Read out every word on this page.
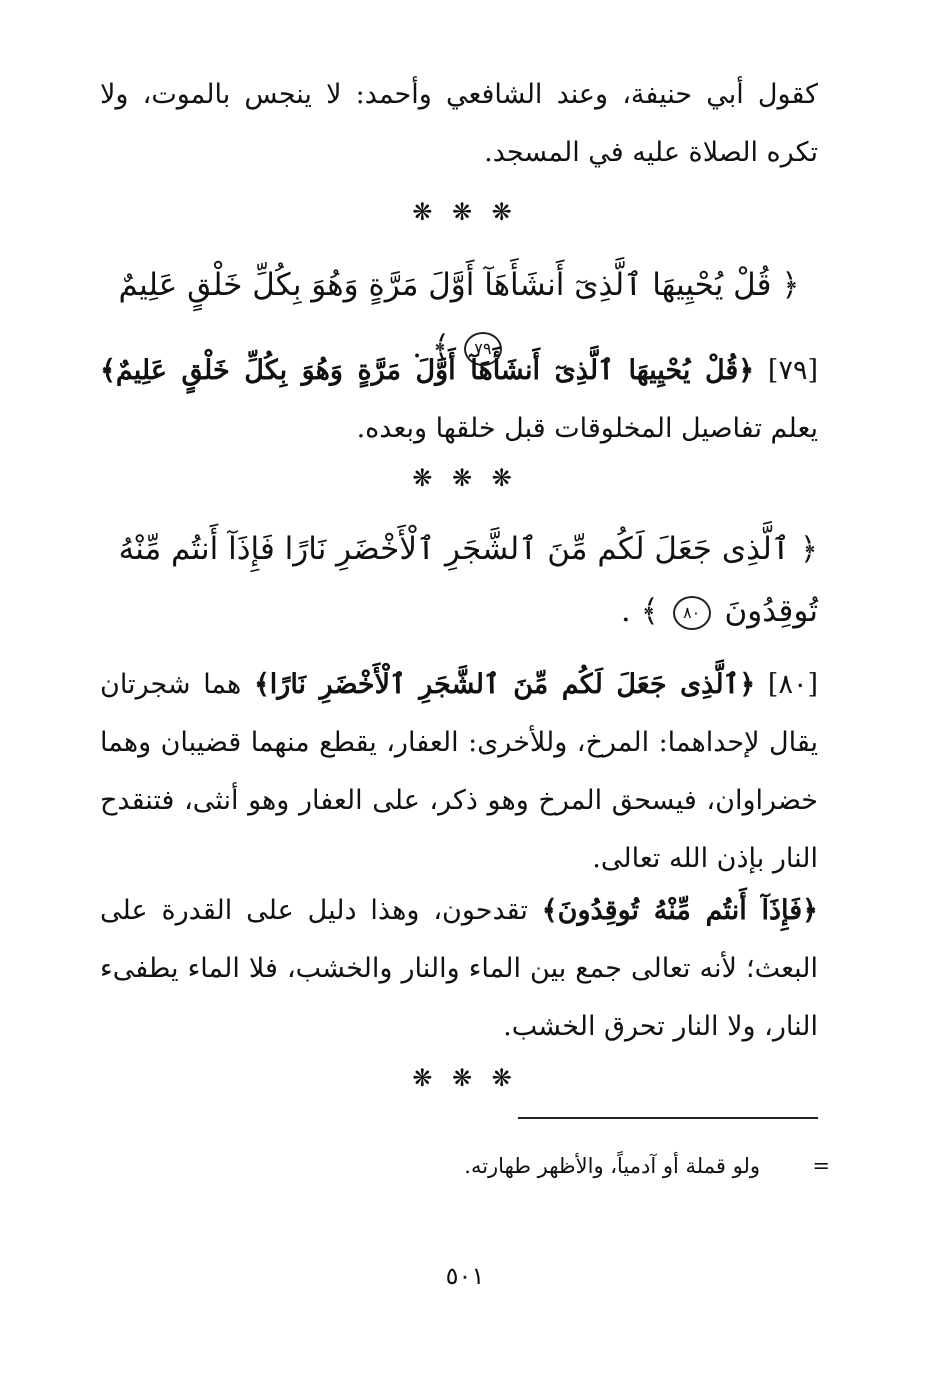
كقول أبي حنيفة، وعند الشافعي وأحمد: لا ينجس بالموت، ولا تكره الصلاة عليه في المسجد.
❋ ❋ ❋
﴿ قُلْ يُحْيِيهَا ٱلَّذِىٓ أَنشَأَهَآ أَوَّلَ مَرَّةٍ وَهُوَ بِكُلِّ خَلْقٍ عَلِيمٌ ٧٩ ﴾ .
[٧٩] ﴿قُلْ يُحْيِيهَا ٱلَّذِىٓ أَنشَأَهَآ أَوَّلَ مَرَّةٍ وَهُوَ بِكُلِّ خَلْقٍ عَلِيمٌ﴾ يعلم تفاصيل المخلوقات قبل خلقها وبعده.
❋ ❋ ❋
﴿ ٱلَّذِى جَعَلَ لَكُم مِّنَ ٱلشَّجَرِ ٱلْأَخْضَرِ نَارًا فَإِذَآ أَنتُم مِّنْهُ تُوقِدُونَ ٨٠ ﴾ .
[٨٠] ﴿ٱلَّذِى جَعَلَ لَكُم مِّنَ ٱلشَّجَرِ ٱلْأَخْضَرِ نَارًا﴾ هما شجرتان يقال لإحداهما: المرخ، وللأخرى: العفار، يقطع منهما قضيبان وهما خضراوان، فيسحق المرخ وهو ذكر، على العفار وهو أنثى، فتنقدح النار بإذن الله تعالى.
﴿فَإِذَآ أَنتُم مِّنْهُ تُوقِدُونَ﴾ تقدحون، وهذا دليل على القدرة على البعث؛ لأنه تعالى جمع بين الماء والنار والخشب، فلا الماء يطفىء النار، ولا النار تحرق الخشب.
❋ ❋ ❋
=
ولو قملة أو آدمياً، والأظهر طهارته.
٥٠١
